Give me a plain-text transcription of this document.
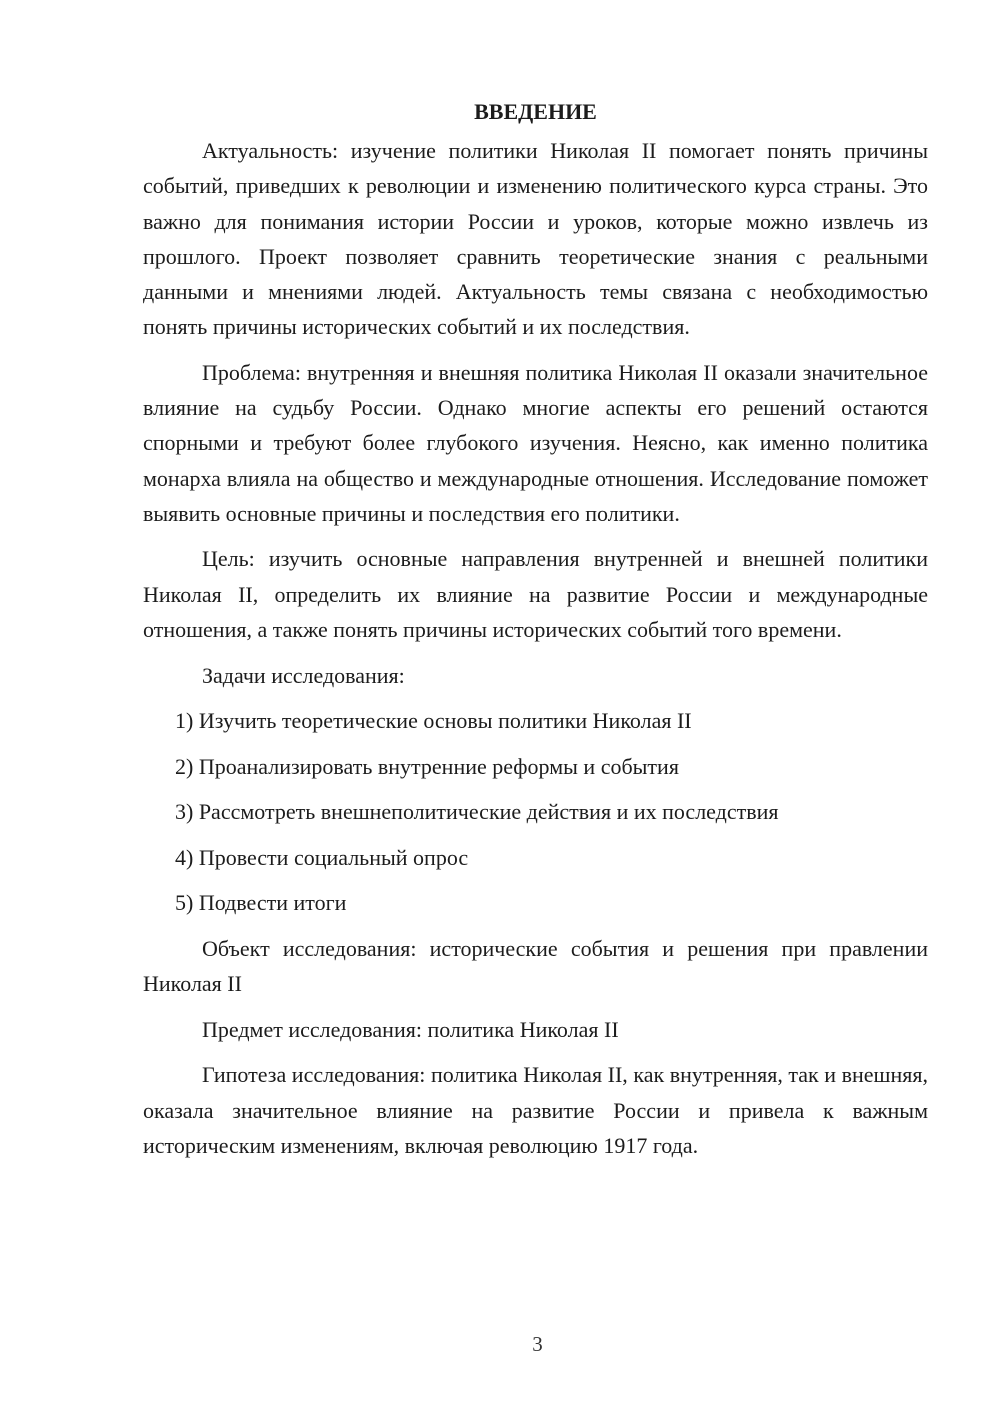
ВВЕДЕНИЕ

Актуальность: изучение политики Николая II помогает понять причины событий, приведших к революции и изменению политического курса страны. Это важно для понимания истории России и уроков, которые можно извлечь из прошлого. Проект позволяет сравнить теоретические знания с реальными данными и мнениями людей. Актуальность темы связана с необходимостью понять причины исторических событий и их последствия.

Проблема: внутренняя и внешняя политика Николая II оказали значительное влияние на судьбу России. Однако многие аспекты его решений остаются спорными и требуют более глубокого изучения. Неясно, как именно политика монарха влияла на общество и международные отношения. Исследование поможет выявить основные причины и последствия его политики.

Цель: изучить основные направления внутренней и внешней политики Николая II, определить их влияние на развитие России и международные отношения, а также понять причины исторических событий того времени.

Задачи исследования:

1) Изучить теоретические основы политики Николая II
2) Проанализировать внутренние реформы и события
3) Рассмотреть внешнеполитические действия и их последствия
4) Провести социальный опрос
5) Подвести итоги

Объект исследования: исторические события и решения при правлении Николая II

Предмет исследования: политика Николая II

Гипотеза исследования: политика Николая II, как внутренняя, так и внешняя, оказала значительное влияние на развитие России и привела к важным историческим изменениям, включая революцию 1917 года.

3
